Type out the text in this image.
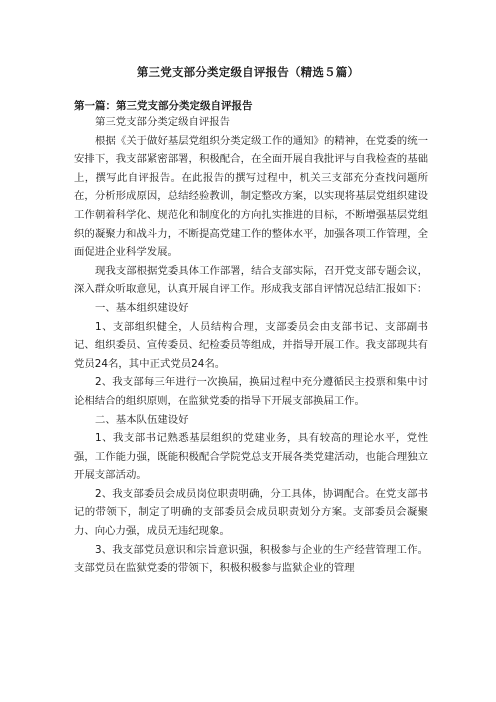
第三党支部分类定级自评报告（精选５篇）
第一篇：第三党支部分类定级自评报告

第三党支部分类定级自评报告

根据《关于做好基层党组织分类定级工作的通知》的精神，在党委的统一安排下，我支部紧密部署，积极配合，在全面开展自我批评与自我检查的基础上，撰写此自评报告。在此报告的撰写过程中，机关三支部充分查找问题所在，分析形成原因，总结经验教训，制定整改方案，以实现将基层党组织建设工作朝着科学化、规范化和制度化的方向扎实推进的目标，不断增强基层党组织的凝聚力和战斗力，不断提高党建工作的整体水平，加强各项工作管理，全面促进企业科学发展。

现我支部根据党委具体工作部署，结合支部实际，召开党支部专题会议，深入群众听取意见，认真开展自评工作。形成我支部自评情况总结汇报如下：

一、基本组织建设好

1、支部组织健全，人员结构合理，支部委员会由支部书记、支部副书记、组织委员、宣传委员、纪检委员等组成，并指导开展工作。我支部现共有党员24名，其中正式党员24名。

2、我支部每三年进行一次换届，换届过程中充分遵循民主投票和集中讨论相结合的组织原则，在监狱党委的指导下开展支部换届工作。

二、基本队伍建设好

1、我支部书记熟悉基层组织的党建业务，具有较高的理论水平，党性强，工作能力强，既能积极配合学院党总支开展各类党建活动，也能合理独立开展支部活动。

2、我支部委员会成员岗位职责明确，分工具体，协调配合。在党支部书记的带领下，制定了明确的支部委员会成员职责划分方案。支部委员会凝聚力、向心力强，成员无违纪现象。

3、我支部党员意识和宗旨意识强，积极参与企业的生产经营管理工作。支部党员在监狱党委的带领下，积极积极参与监狱企业的管理
